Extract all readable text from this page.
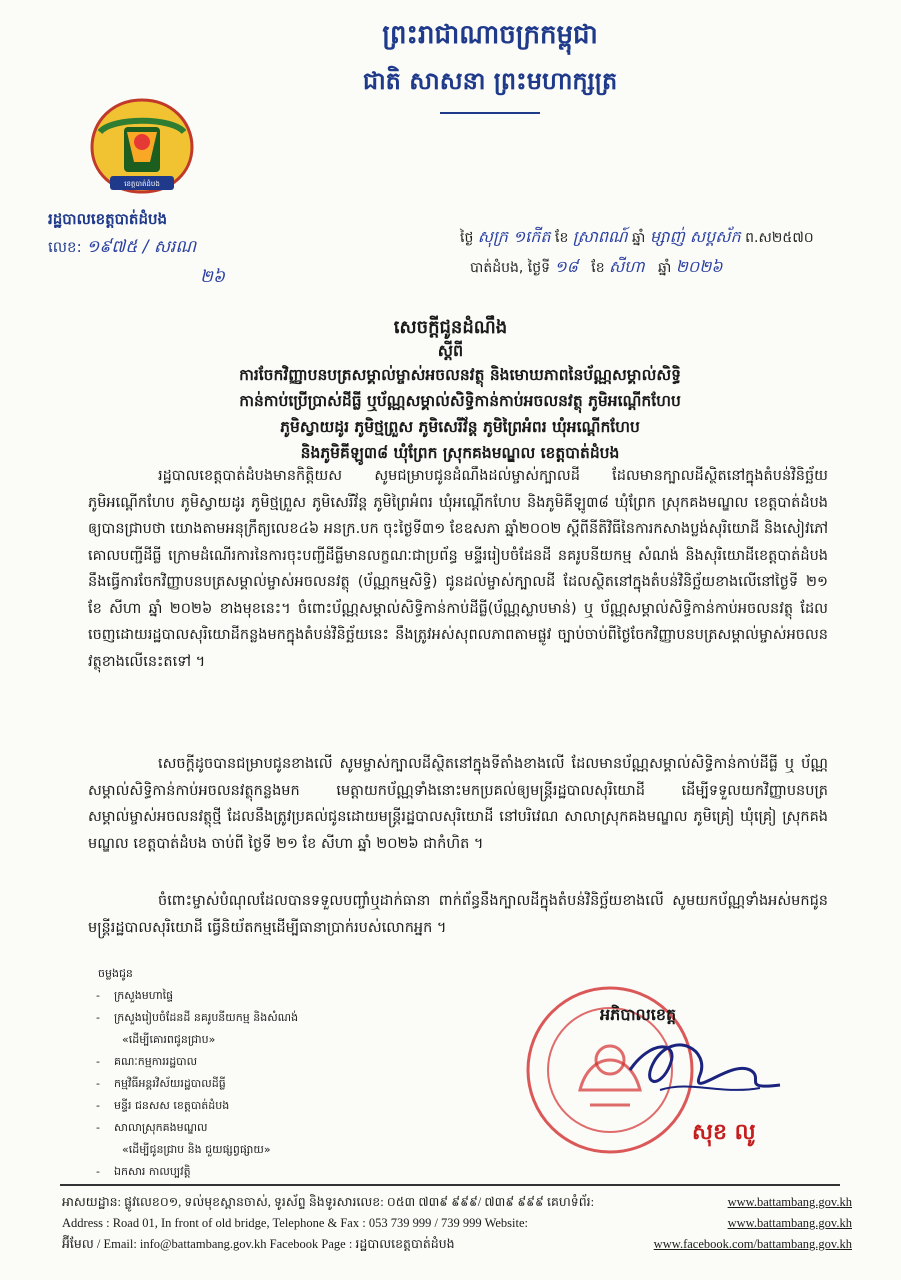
ព្រះរាជាណាចក្រកម្ពុជា
ជាតិ សាសនា ព្រះមហាក្សត្រ
ខេត្តបាត់ដំបង
រដ្ឋបាលខេត្តបាត់ដំបង
លេខ: ១៩៧៥ / សរណ
២៦
ថ្ងៃ សុក្រ ១កើត ខែ ស្រាពណ៍ ឆ្នាំ ម្សាញ់ សប្តស័ក ព.ស២៥៧០
បាត់ដំបង, ថ្ងៃទី ១៨ ខែ សីហា ឆ្នាំ ២០២៦
សេចក្តីជូនដំណឹង
ស្តីពី
ការចែកវិញ្ញាបនបត្រសម្គាល់ម្ចាស់អចលនវត្ថុ និងមោឃភាពនៃប័ណ្ណសម្គាល់សិទ្ធិ
កាន់កាប់ប្រើប្រាស់ដីធ្លី ឬប័ណ្ណសម្គាល់សិទ្ធិកាន់កាប់អចលនវត្ថុ ភូមិអណ្តើកហែប
ភូមិស្វាយដូរ ភូមិថ្មព្រួស ភូមិសេរីវ័ន្ត ភូមិព្រៃអំពរ ឃុំអណ្តើកហែប
និងភូមិគីឡូ៣៨ ឃុំព្រែក ស្រុកគងមណ្ឌល ខេត្តបាត់ដំបង
រដ្ឋបាលខេត្តបាត់ដំបងមានកិត្តិយស សូមជម្រាបជូនដំណឹងដល់ម្ចាស់ក្បាលដី ដែលមានក្បាលដីស្ថិតនៅក្នុងតំបន់វិនិច្ឆ័យ ភូមិអណ្តើកហែប ភូមិស្វាយដូរ ភូមិថ្មព្រួស ភូមិសេរីវ័ន្ត ភូមិព្រៃអំពរ ឃុំអណ្តើកហែប និងភូមិគីឡូ៣៨ ឃុំព្រែក ស្រុកគងមណ្ឌល ខេត្តបាត់ដំបង ឲ្យបានជ្រាបថា យោងតាមអនុក្រឹត្យលេខ៤៦ អនក្រ.បក ចុះថ្ងៃទី៣១ ខែឧសភា ឆ្នាំ២០០២ ស្តីពីនីតិវិធីនៃការកសាងប្លង់សុរិយោដី និងសៀវភៅគោលបញ្ជីដីធ្លី ក្រោមដំណើរការនៃការចុះបញ្ជីដីធ្លីមានលក្ខណៈជាប្រព័ន្ធ មន្ទីររៀបចំដែនដី នគរូបនីយកម្ម សំណង់ និងសុរិយោដីខេត្តបាត់ដំបង នឹងធ្វើការចែកវិញ្ញាបនបត្រសម្គាល់ម្ចាស់អចលនវត្ថុ (ប័ណ្ណកម្មសិទ្ធិ) ជូនដល់ម្ចាស់ក្បាលដី ដែលស្ថិតនៅក្នុងតំបន់វិនិច្ឆ័យខាងលើនៅថ្ងៃទី ២១ ខែ សីហា ឆ្នាំ ២០២៦ ខាងមុខនេះ។ ចំពោះប័ណ្ណសម្គាល់សិទ្ធិកាន់កាប់ដីធ្លី(ប័ណ្ណស្លាបមាន់) ឬ ប័ណ្ណសម្គាល់សិទ្ធិកាន់កាប់អចលនវត្ថុ ដែលចេញដោយរដ្ឋបាលសុរិយោដីកន្លងមកក្នុងតំបន់វិនិច្ឆ័យនេះ នឹងត្រូវអស់សុពលភាពតាមផ្លូវ ច្បាប់ចាប់ពីថ្ងៃចែកវិញ្ញាបនបត្រសម្គាល់ម្ចាស់អចលនវត្ថុខាងលើនេះតទៅ ។
សេចក្តីដូចបានជម្រាបជូនខាងលើ សូមម្ចាស់ក្បាលដីស្ថិតនៅក្នុងទីតាំងខាងលើ ដែលមានប័ណ្ណសម្គាល់សិទ្ធិកាន់កាប់ដីធ្លី ឬ ប័ណ្ណសម្គាល់សិទ្ធិកាន់កាប់អចលនវត្ថុកន្លងមក មេត្តាយកប័ណ្ណទាំងនោះមកប្រគល់ឲ្យមន្ត្រីរដ្ឋបាលសុរិយោដី ដើម្បីទទួលយកវិញ្ញាបនបត្រសម្គាល់ម្ចាស់អចលនវត្ថុថ្មី ដែលនឹងត្រូវប្រគល់ជូនដោយមន្ត្រីរដ្ឋបាលសុរិយោដី នៅបរិវេណ សាលាស្រុកគងមណ្ឌល ភូមិគ្រៀ ឃុំគ្រៀ ស្រុកគងមណ្ឌល ខេត្តបាត់ដំបង ចាប់ពី ថ្ងៃទី ២១ ខែ សីហា ឆ្នាំ ២០២៦ ជាកំហិត ។
ចំពោះម្ចាស់បំណុលដែលបានទទួលបញ្ចាំឬដាក់ធានា ពាក់ព័ន្ធនឹងក្បាលដីក្នុងតំបន់វិនិច្ឆ័យខាងលើ សូមយកប័ណ្ណទាំងអស់មកជូនមន្ត្រីរដ្ឋបាលសុរិយោដី ធ្វើនិយ័តកម្មដើម្បីធានាប្រាក់របស់លោកអ្នក ។
ចម្លងជូន
- ក្រសួងមហាផ្ទៃ
- ក្រសួងរៀបចំដែនដី នគរូបនីយកម្ម និងសំណង់
«ដើម្បីគោរពជូនជ្រាប»
- គណៈកម្មការរដ្ឋបាល
- កម្មវិធីអន្តរវិស័យរដ្ឋបាលដីធ្លី
- មន្ទីរ ជនសស ខេត្តបាត់ដំបង
- សាលាស្រុកគងមណ្ឌល
«ដើម្បីជូនជ្រាប និង ជួយផ្សព្វផ្សាយ»
- ឯកសារ កាលប្បវត្តិ
អភិបាលខេត្ត
សុខ លូ
អាសយដ្ឋាន: ផ្លូវលេខ០១, ទល់មុខស្ពានចាស់, ទូរស័ព្ទ និងទូរសារលេខ: ០៥៣ ៧៣៩ ៩៩៩/ ៧៣៩ ៩៩៩ គេហទំព័រ:	www.battambang.gov.kh
Address : Road 01, In front of old bridge, Telephone & Fax : 053 739 999 / 739 999 Website:	www.battambang.gov.kh
អ៊ីមែល / Email: info@battambang.gov.kh Facebook Page : រដ្ឋបាលខេត្តបាត់ដំបង	www.facebook.com/battambang.gov.kh
